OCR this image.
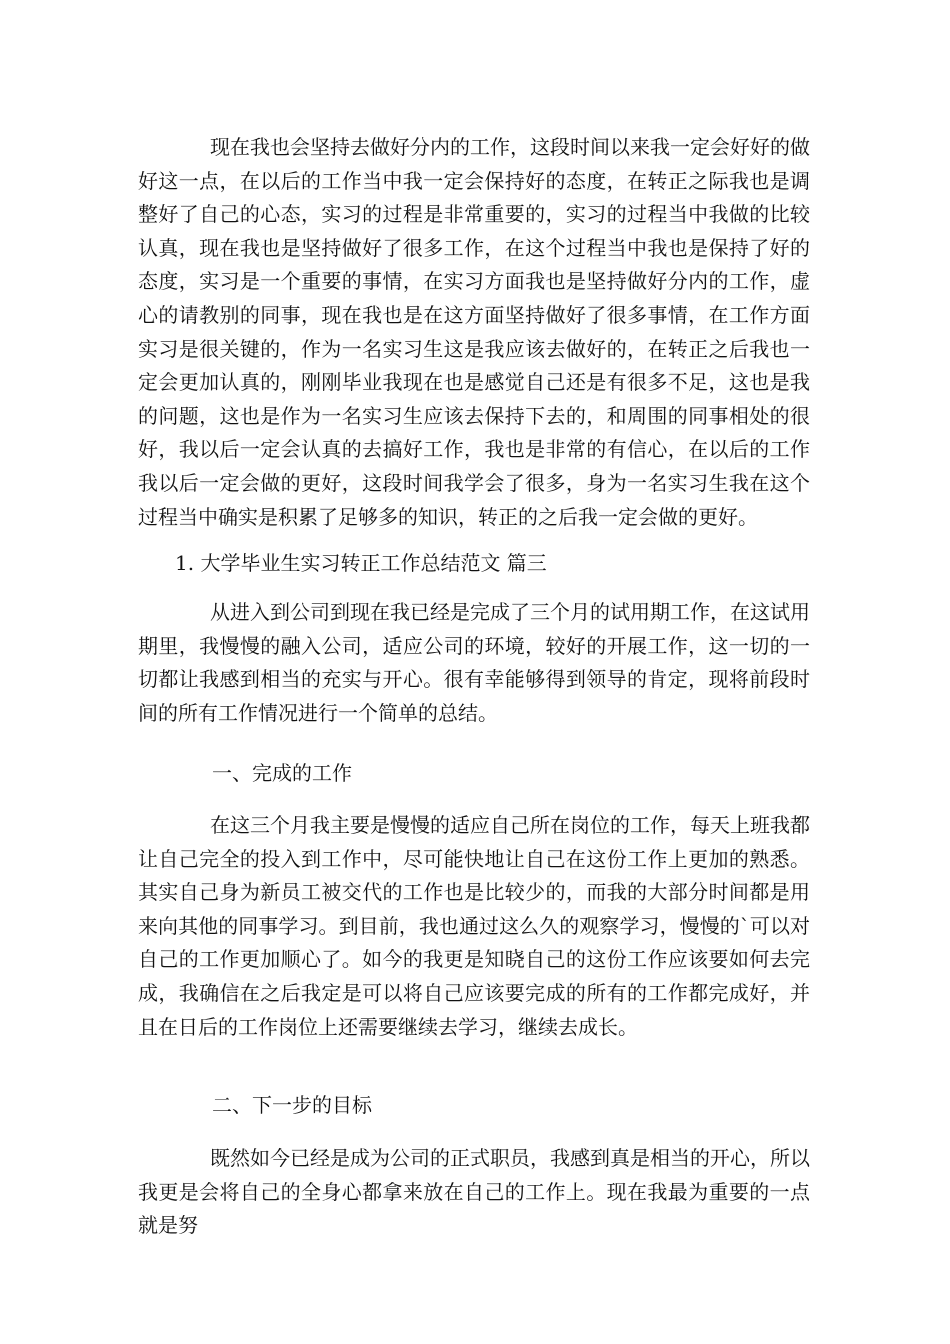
现在我也会坚持去做好分内的工作，这段时间以来我一定会好好的做好这一点，在以后的工作当中我一定会保持好的态度，在转正之际我也是调整好了自己的心态，实习的过程是非常重要的，实习的过程当中我做的比较认真，现在我也是坚持做好了很多工作，在这个过程当中我也是保持了好的态度，实习是一个重要的事情，在实习方面我也是坚持做好分内的工作，虚心的请教别的同事，现在我也是在这方面坚持做好了很多事情，在工作方面实习是很关键的，作为一名实习生这是我应该去做好的，在转正之后我也一定会更加认真的，刚刚毕业我现在也是感觉自己还是有很多不足，这也是我的问题，这也是作为一名实习生应该去保持下去的，和周围的同事相处的很好，我以后一定会认真的去搞好工作，我也是非常的有信心，在以后的工作我以后一定会做的更好，这段时间我学会了很多，身为一名实习生我在这个过程当中确实是积累了足够多的知识，转正的之后我一定会做的更好。

1. 大学毕业生实习转正工作总结范文 篇三

从进入到公司到现在我已经是完成了三个月的试用期工作，在这试用期里，我慢慢的融入公司，适应公司的环境，较好的开展工作，这一切的一切都让我感到相当的充实与开心。很有幸能够得到领导的肯定，现将前段时间的所有工作情况进行一个简单的总结。

一、完成的工作

在这三个月我主要是慢慢的适应自己所在岗位的工作，每天上班我都让自己完全的投入到工作中，尽可能快地让自己在这份工作上更加的熟悉。其实自己身为新员工被交代的工作也是比较少的，而我的大部分时间都是用来向其他的同事学习。到目前，我也通过这么久的观察学习，慢慢的`可以对自己的工作更加顺心了。如今的我更是知晓自己的这份工作应该要如何去完成，我确信在之后我定是可以将自己应该要完成的所有的工作都完成好，并且在日后的工作岗位上还需要继续去学习，继续去成长。

二、下一步的目标

既然如今已经是成为公司的正式职员，我感到真是相当的开心，所以我更是会将自己的全身心都拿来放在自己的工作上。现在我最为重要的一点就是努
